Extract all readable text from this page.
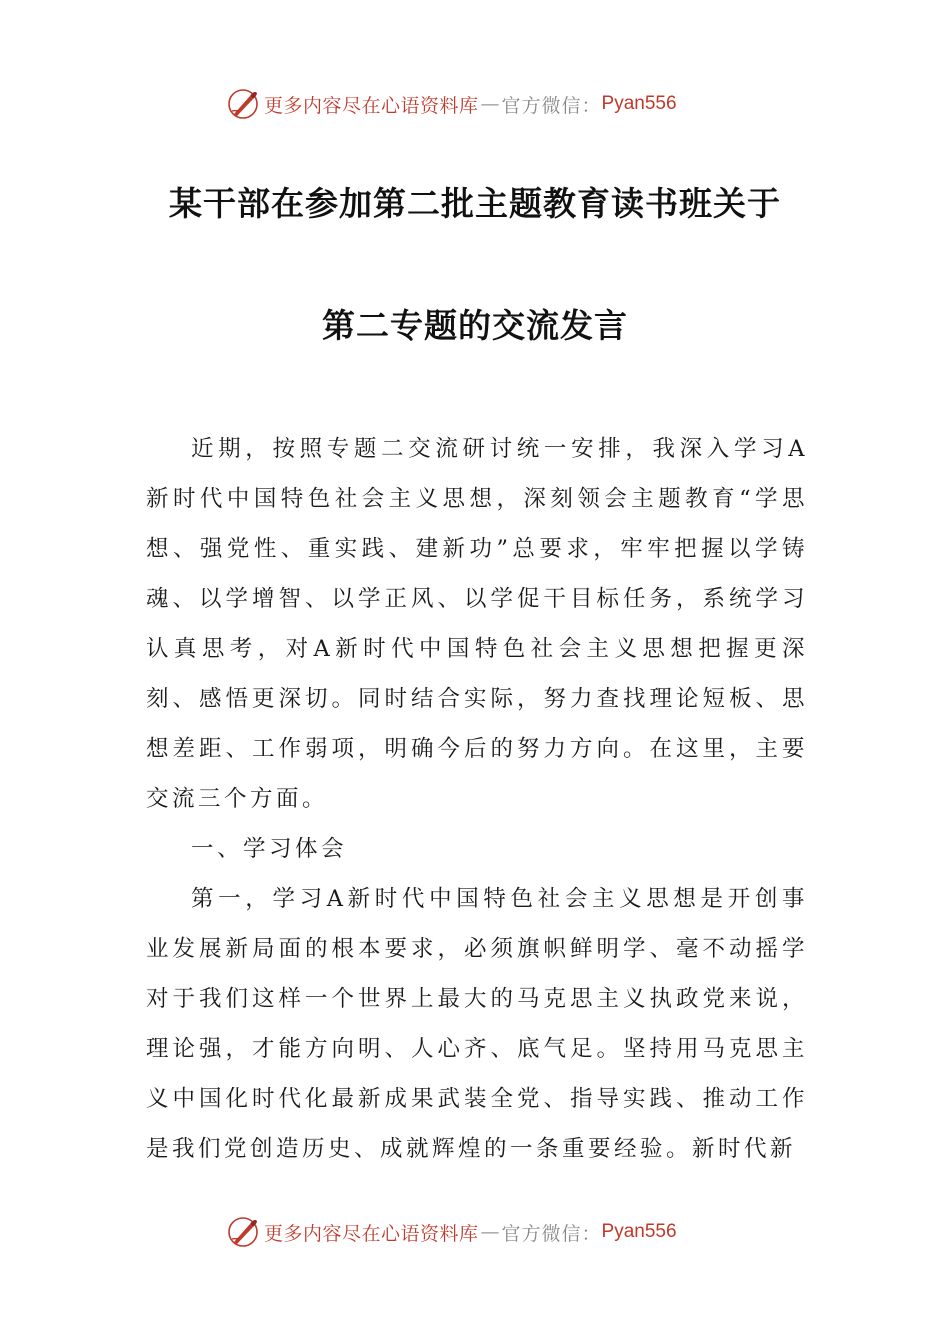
更多内容尽在心语资料库 — 官方微信： Pyan556
某干部在参加第二批主题教育读书班关于
第二专题的交流发言

近期，按照专题二交流研讨统一安排，我深入学习A新时代中国特色社会主义思想，深刻领会主题教育“学思想、强党性、重实践、建新功”总要求，牢牢把握以学铸魂、以学增智、以学正风、以学促干目标任务，系统学习认真思考，对A新时代中国特色社会主义思想把握更深刻、感悟更深切。同时结合实际，努力查找理论短板、思想差距、工作弱项，明确今后的努力方向。在这里，主要交流三个方面。

一、学习体会

第一，学习A新时代中国特色社会主义思想是开创事业发展新局面的根本要求，必须旗帜鲜明学、毫不动摇学对于我们这样一个世界上最大的马克思主义执政党来说，理论强，才能方向明、人心齐、底气足。坚持用马克思主义中国化时代化最新成果武装全党、指导实践、推动工作是我们党创造历史、成就辉煌的一条重要经验。新时代新

更多内容尽在心语资料库 — 官方微信： Pyan556
